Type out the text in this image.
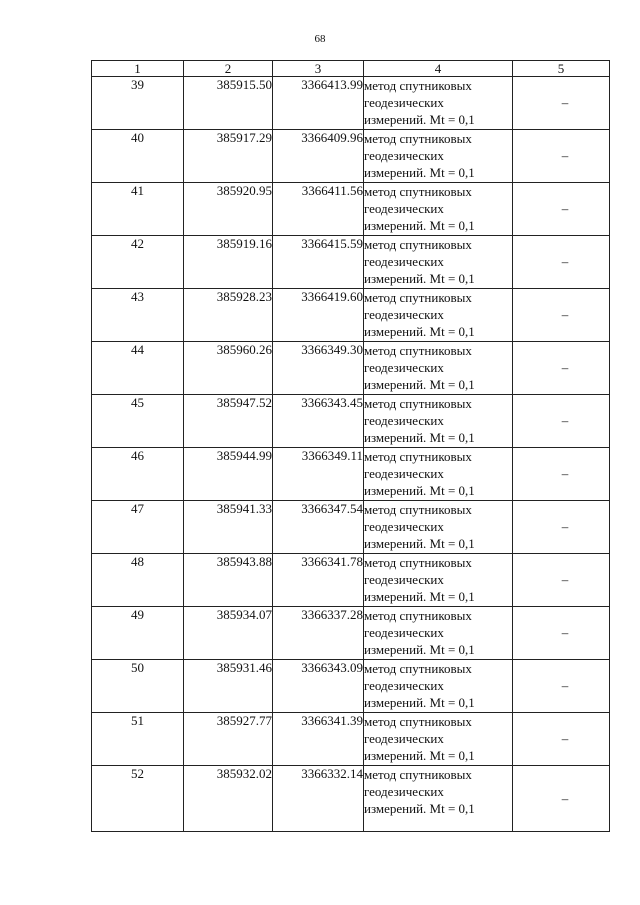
68
1	2	3	4	5
39	385915.50	3366413.99	метод спутниковых
геодезических
измерений. Mt = 0,1	–
40	385917.29	3366409.96	метод спутниковых
геодезических
измерений. Mt = 0,1	–
41	385920.95	3366411.56	метод спутниковых
геодезических
измерений. Mt = 0,1	–
42	385919.16	3366415.59	метод спутниковых
геодезических
измерений. Mt = 0,1	–
43	385928.23	3366419.60	метод спутниковых
геодезических
измерений. Mt = 0,1	–
44	385960.26	3366349.30	метод спутниковых
геодезических
измерений. Mt = 0,1	–
45	385947.52	3366343.45	метод спутниковых
геодезических
измерений. Mt = 0,1	–
46	385944.99	3366349.11	метод спутниковых
геодезических
измерений. Mt = 0,1	–
47	385941.33	3366347.54	метод спутниковых
геодезических
измерений. Mt = 0,1	–
48	385943.88	3366341.78	метод спутниковых
геодезических
измерений. Mt = 0,1	–
49	385934.07	3366337.28	метод спутниковых
геодезических
измерений. Mt = 0,1	–
50	385931.46	3366343.09	метод спутниковых
геодезических
измерений. Mt = 0,1	–
51	385927.77	3366341.39	метод спутниковых
геодезических
измерений. Mt = 0,1	–
52	385932.02	3366332.14	метод спутниковых
геодезических
измерений. Mt = 0,1	–
